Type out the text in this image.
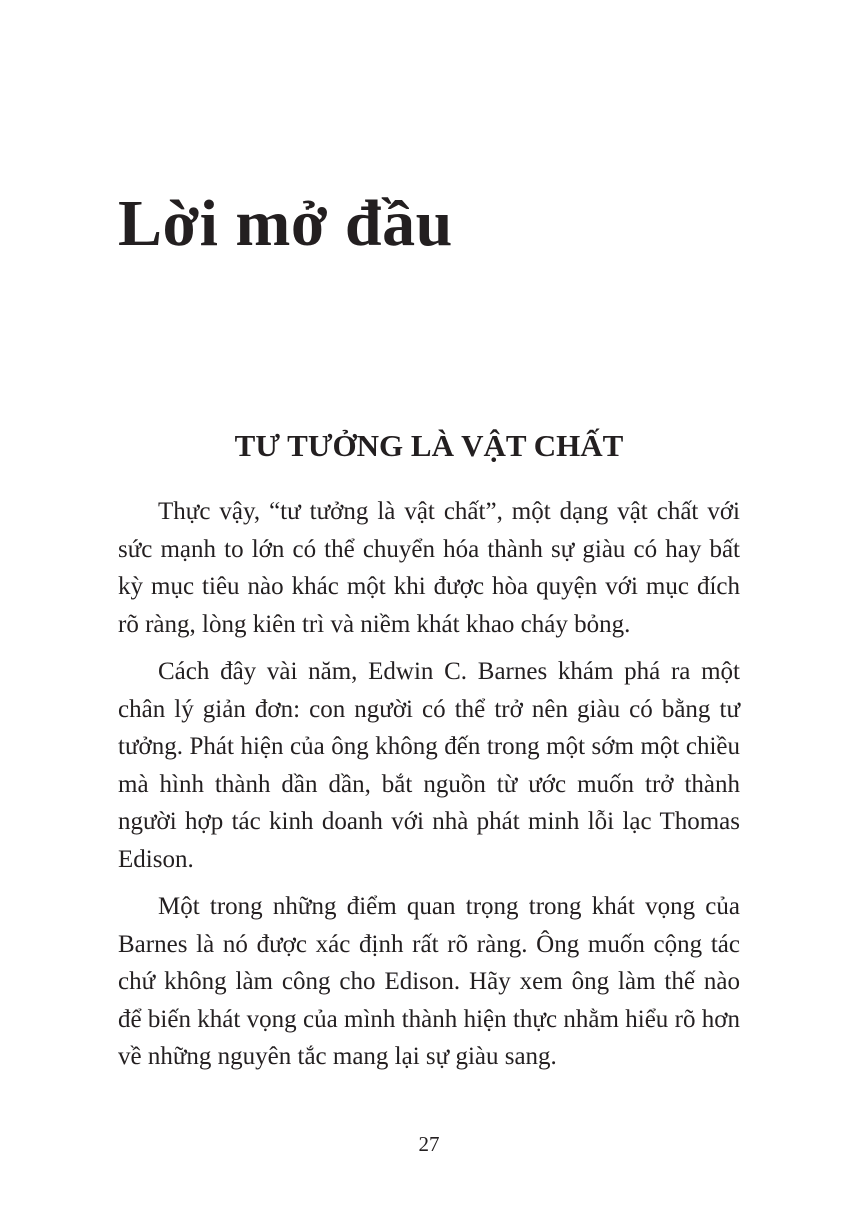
Lời mở đầu
TƯ TƯỞNG LÀ VẬT CHẤT

Thực vậy, “tư tưởng là vật chất”, một dạng vật chất với sức mạnh to lớn có thể chuyển hóa thành sự giàu có hay bất kỳ mục tiêu nào khác một khi được hòa quyện với mục đích rõ ràng, lòng kiên trì và niềm khát khao cháy bỏng.

Cách đây vài năm, Edwin C. Barnes khám phá ra một chân lý giản đơn: con người có thể trở nên giàu có bằng tư tưởng. Phát hiện của ông không đến trong một sớm một chiều mà hình thành dần dần, bắt nguồn từ ước muốn trở thành người hợp tác kinh doanh với nhà phát minh lỗi lạc Thomas Edison.

Một trong những điểm quan trọng trong khát vọng của Barnes là nó được xác định rất rõ ràng. Ông muốn cộng tác chứ không làm công cho Edison. Hãy xem ông làm thế nào để biến khát vọng của mình thành hiện thực nhằm hiểu rõ hơn về những nguyên tắc mang lại sự giàu sang.

27
